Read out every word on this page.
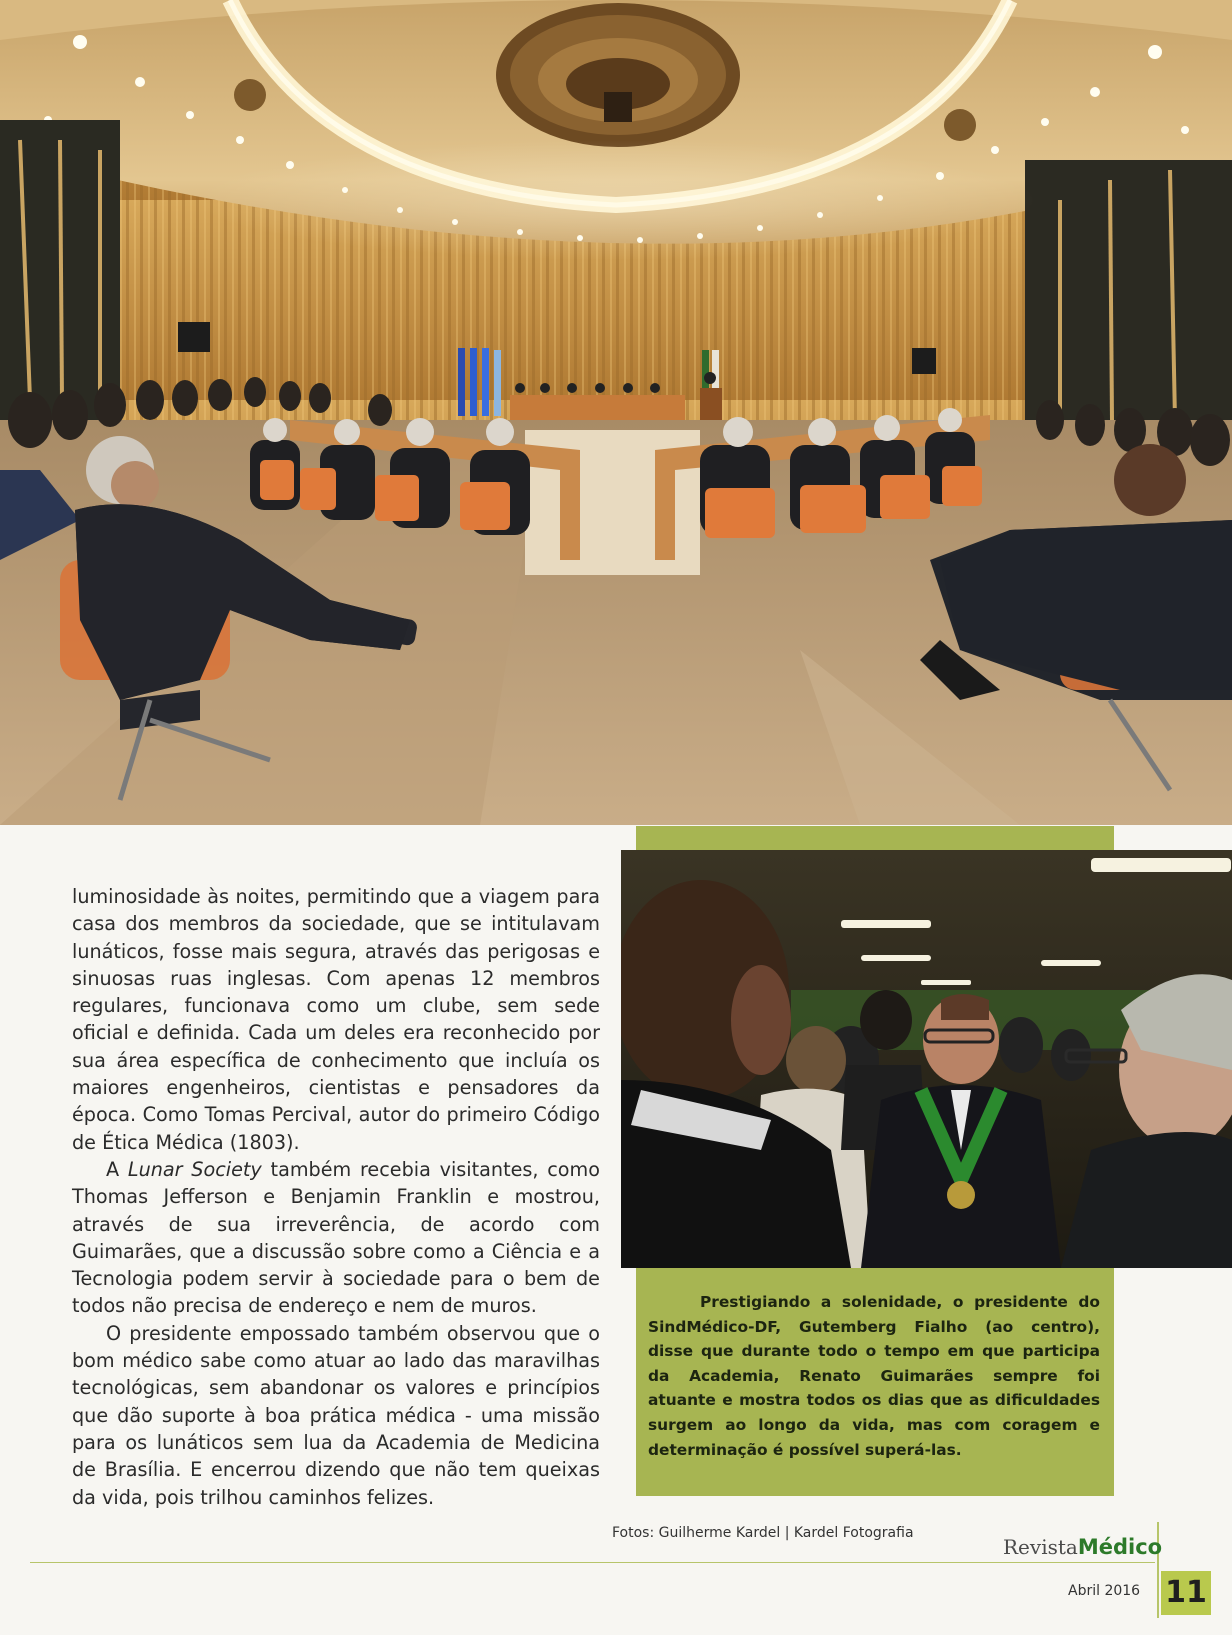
luminosidade às noites, permitindo que a viagem para casa dos membros da sociedade, que se intitulavam lunáticos, fosse mais segura, através das perigosas e sinuosas ruas inglesas. Com apenas 12 membros regulares, funcionava como um clube, sem sede oficial e definida. Cada um deles era reconhecido por sua área específica de conhecimento que incluía os maiores engenheiros, cientistas e pensadores da época. Como Tomas Percival, autor do primeiro Código de Ética Médica (1803).

A Lunar Society também recebia visitantes, como Thomas Jefferson e Benjamin Franklin e mostrou, através de sua irreverência, de acordo com Guimarães, que a discussão sobre como a Ciência e a Tecnologia podem servir à sociedade para o bem de todos não precisa de endereço e nem de muros.

O presidente empossado também observou que o bom médico sabe como atuar ao lado das maravilhas tecnológicas, sem abandonar os valores e princípios que dão suporte à boa prática médica - uma missão para os lunáticos sem lua da Academia de Medicina de Brasília. E encerrou dizendo que não tem queixas da vida, pois trilhou caminhos felizes.

Prestigiando a solenidade, o presidente do SindMédico-DF, Gutemberg Fialho (ao centro), disse que durante todo o tempo em que participa da Academia, Renato Guimarães sempre foi atuante e mostra todos os dias que as dificuldades surgem ao longo da vida, mas com coragem e determinação é possível superá-las.

Fotos: Guilherme Kardel | Kardel Fotografia
RevistaMédico
Abril 2016 11
